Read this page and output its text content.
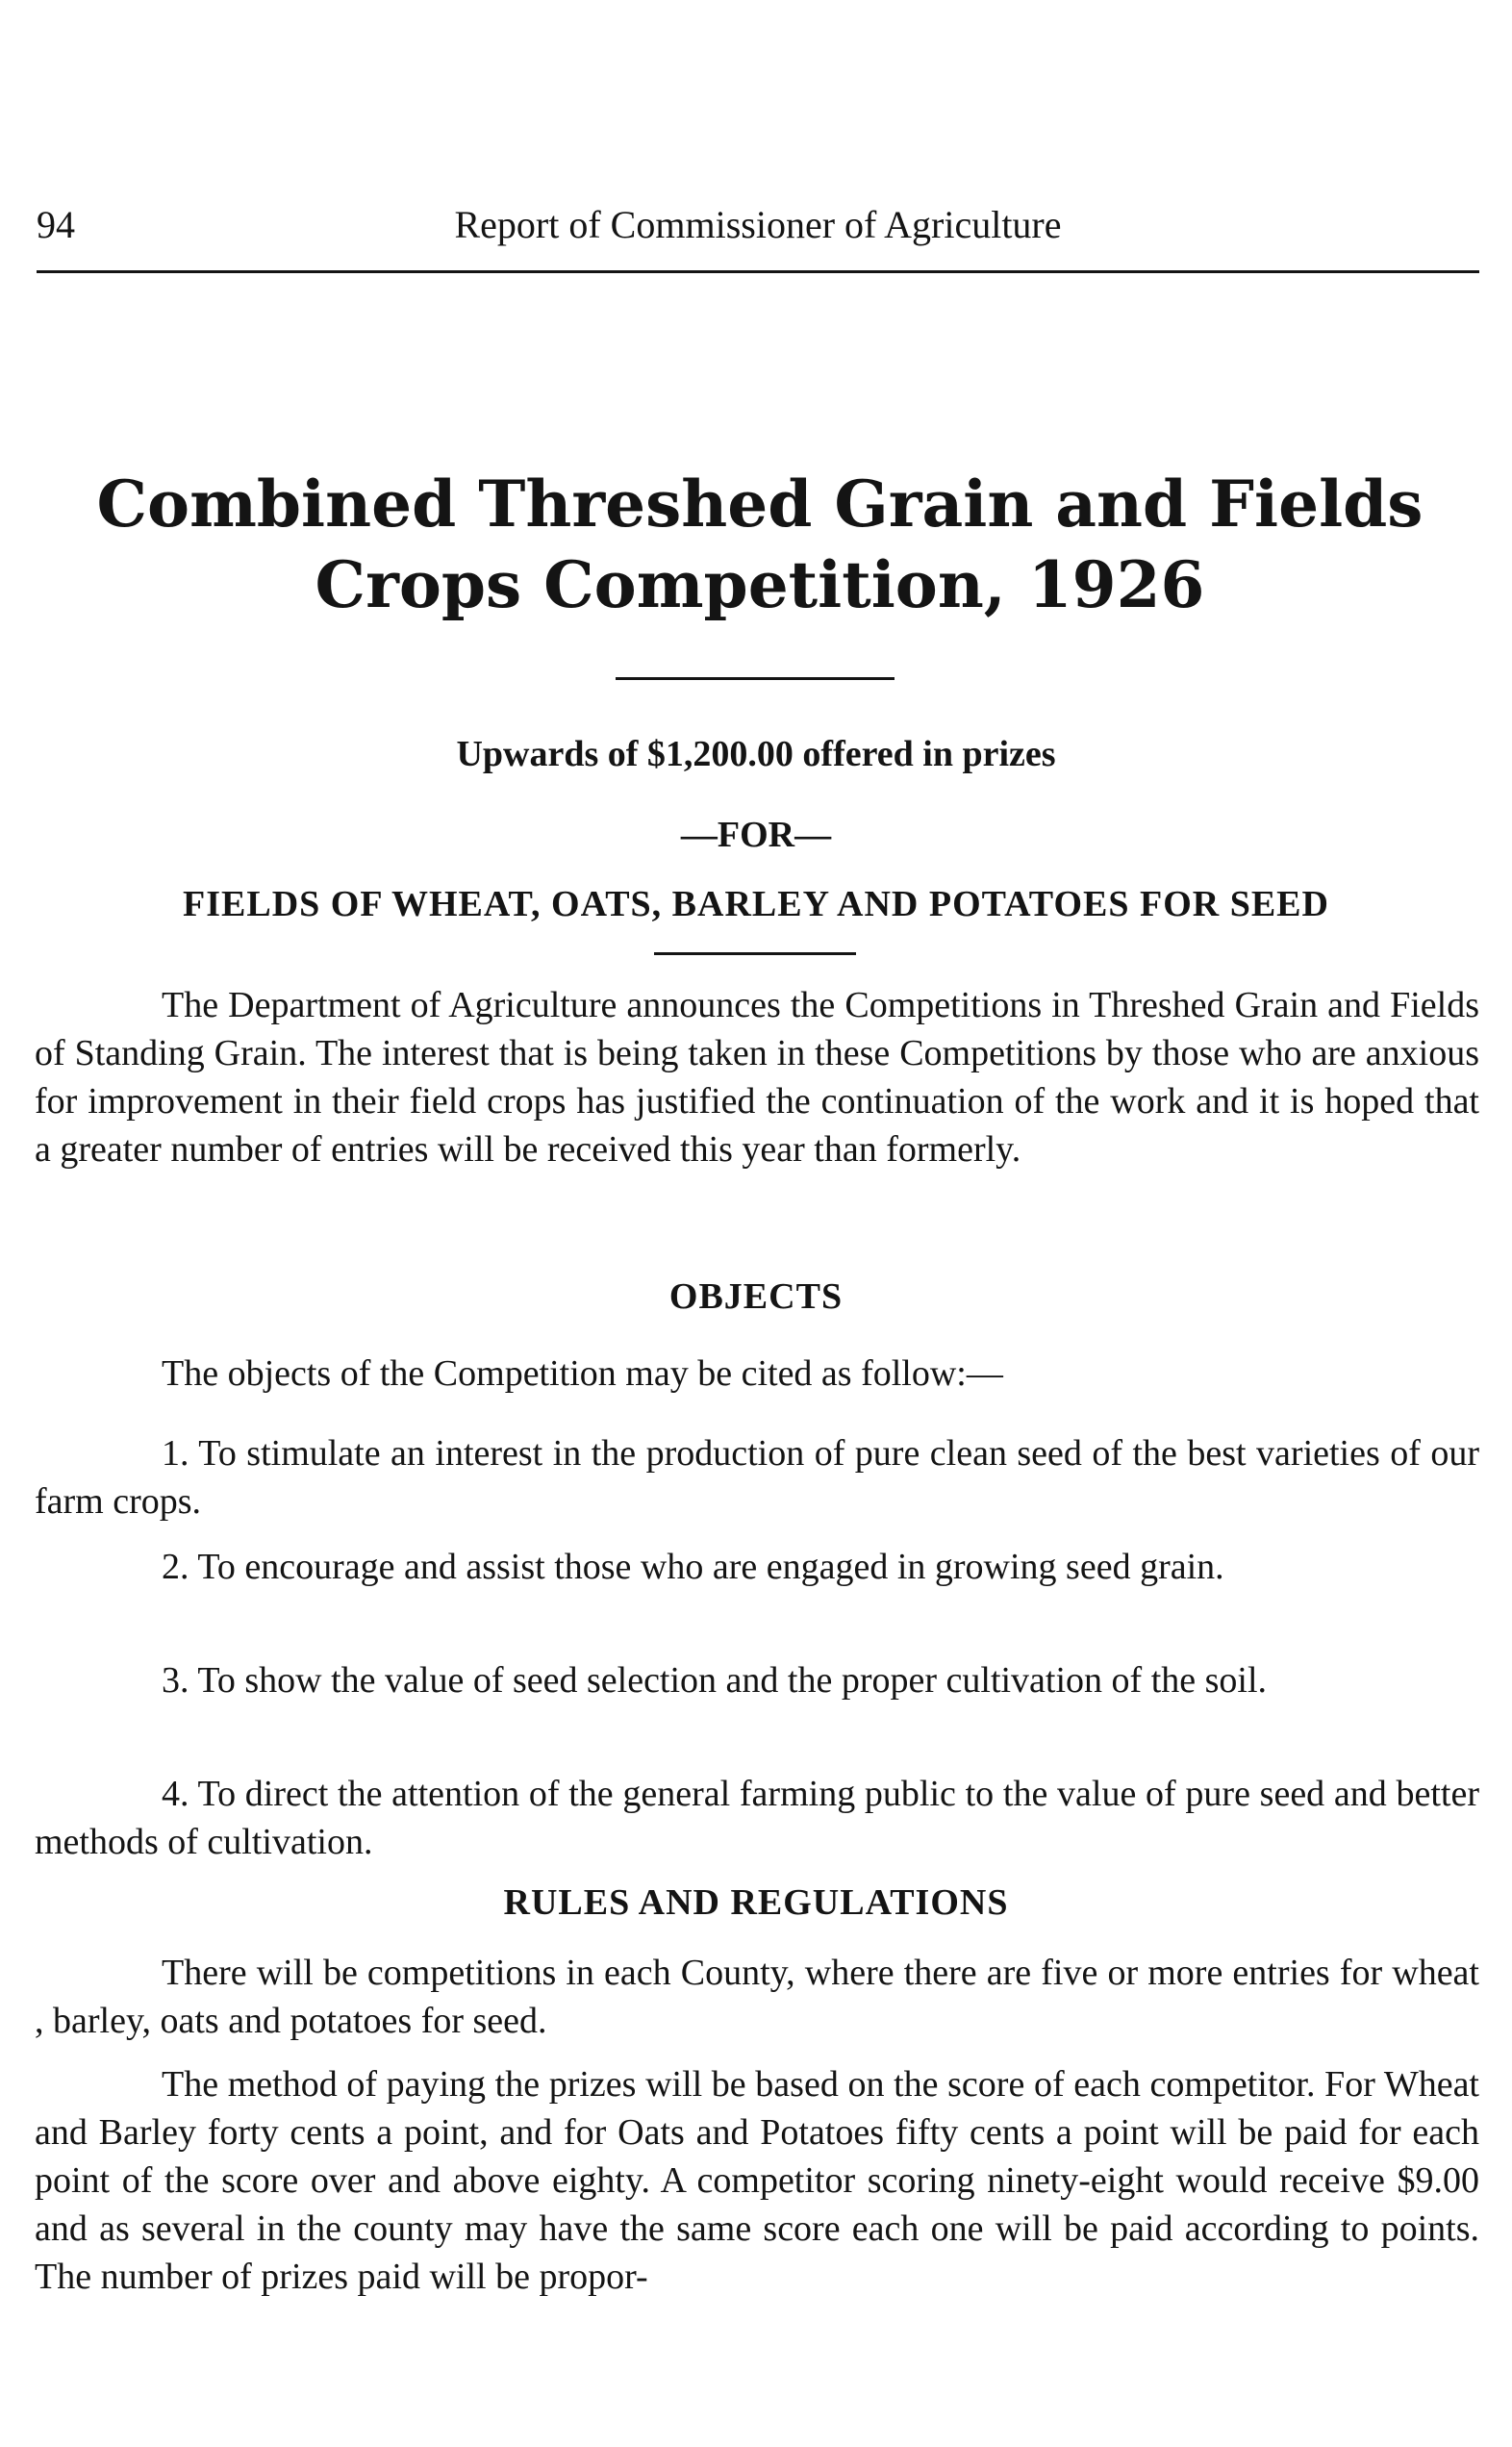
94	Report of Commissioner of Agriculture
Combined Threshed Grain and Fields
Crops Competition, 1926
Upwards of $1,200.00 offered in prizes
—FOR—
FIELDS OF WHEAT, OATS, BARLEY AND POTATOES FOR SEED
The Department of Agriculture announces the Competitions in Threshed Grain and Fields of Standing Grain. The interest that is being taken in these Competitions by those who are anxious for improvement in their field crops has justified the continuation of the work and it is hoped that a greater number of entries will be received this year than formerly.
OBJECTS
The objects of the Competition may be cited as follow:—
1. To stimulate an interest in the production of pure clean seed of the best varieties of our farm crops.
2. To encourage and assist those who are engaged in growing seed grain.
3. To show the value of seed selection and the proper cultivation of the soil.
4. To direct the attention of the general farming public to the value of pure seed and better methods of cultivation.
RULES AND REGULATIONS
There will be competitions in each County, where there are five or more entries for wheat , barley, oats and potatoes for seed.
The method of paying the prizes will be based on the score of each competitor. For Wheat and Barley forty cents a point, and for Oats and Potatoes fifty cents a point will be paid for each point of the score over and above eighty. A competitor scoring ninety-eight would receive $9.00 and as several in the county may have the same score each one will be paid according to points. The number of prizes paid will be propor-
